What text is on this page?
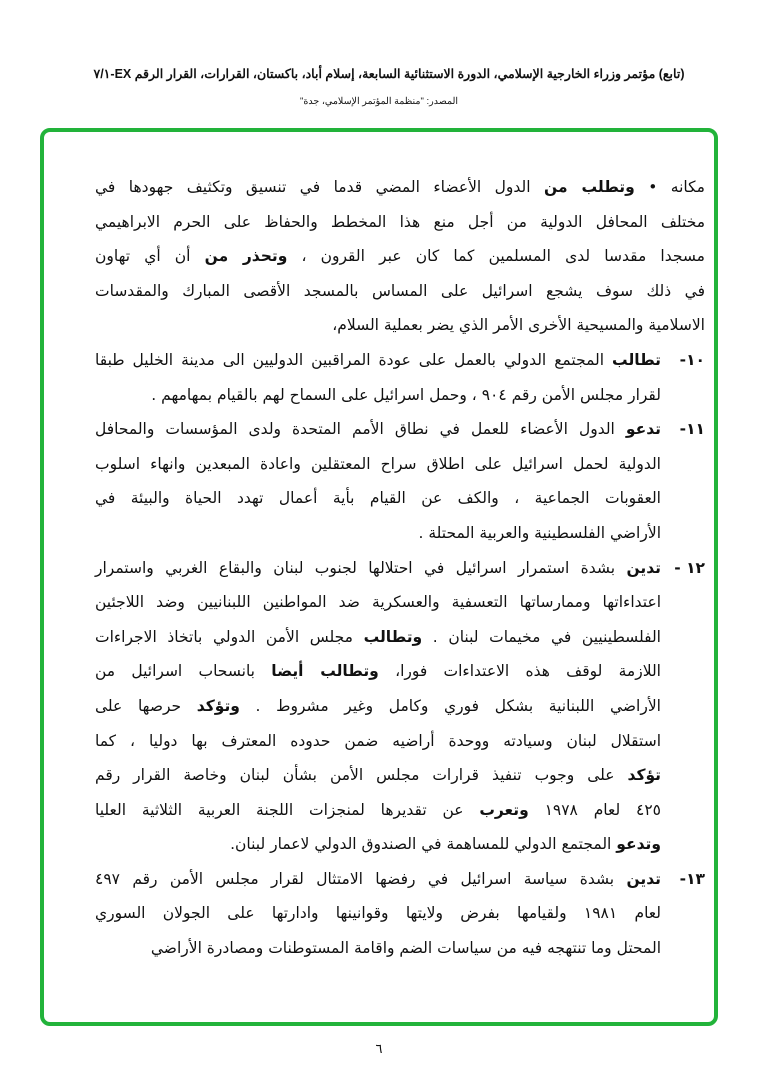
(تابع) مؤتمر وزراء الخارجية الإسلامي، الدورة الاستثنائية السابعة، إسلام أباد، باكستان، القرارات، القرار الرقم EX-٧/١
المصدر: "منظمة المؤتمر الإسلامي، جدة"
مكانه • وتطلب من الدول الأعضاء المضي قدما في تنسيق وتكثيف جهودها في
مختلف المحافل الدولية من أجل منع هذا المخطط والحفاظ على الحرم الابراهيمي
مسجدا مقدسا لدى المسلمين كما كان عبر القرون ، وتحذر من أن أي تهاون
في ذلك سوف يشجع اسرائيل على المساس بالمسجد الأقصى المبارك والمقدسات
الاسلامية والمسيحية الأخرى الأمر الذي يضر بعملية السلام،
١٠-
تطالب المجتمع الدولي بالعمل على عودة المراقبين الدوليين الى مدينة الخليل طبقا
لقرار مجلس الأمن رقم ٩٠٤ ، وحمل اسرائيل على السماح لهم بالقيام بمهامهم .
١١-
تدعو الدول الأعضاء للعمل في نطاق الأمم المتحدة ولدى المؤسسات والمحافل
الدولية لحمل اسرائيل على اطلاق سراح المعتقلين واعادة المبعدين وانهاء اسلوب
العقوبات الجماعية ، والكف عن القيام بأية أعمال تهدد الحياة والبيئة في
الأراضي الفلسطينية والعربية المحتلة .
١٢ -
تدين بشدة استمرار اسرائيل في احتلالها لجنوب لبنان والبقاع الغربي واستمرار
اعتداءاتها وممارساتها التعسفية والعسكرية ضد المواطنين اللبنانيين وضد اللاجئين
الفلسطينيين في مخيمات لبنان . وتطالب مجلس الأمن الدولي باتخاذ الاجراءات
اللازمة لوقف هذه الاعتداءات فورا، وتطالب أيضا بانسحاب اسرائيل من
الأراضي اللبنانية بشكل فوري وكامل وغير مشروط . وتؤكد حرصها على
استقلال لبنان وسيادته ووحدة أراضيه ضمن حدوده المعترف بها دوليا ، كما
تؤكد على وجوب تنفيذ قرارات مجلس الأمن بشأن لبنان وخاصة القرار رقم
٤٢٥ لعام ١٩٧٨ وتعرب عن تقديرها لمنجزات اللجنة العربية الثلاثية العليا
وتدعو المجتمع الدولي للمساهمة في الصندوق الدولي لاعمار لبنان.
١٣-
تدين بشدة سياسة اسرائيل في رفضها الامتثال لقرار مجلس الأمن رقم ٤٩٧
لعام ١٩٨١ ولقيامها بفرض ولايتها وقوانينها وادارتها على الجولان السوري
المحتل وما تنتهجه فيه من سياسات الضم واقامة المستوطنات ومصادرة الأراضي
٦
